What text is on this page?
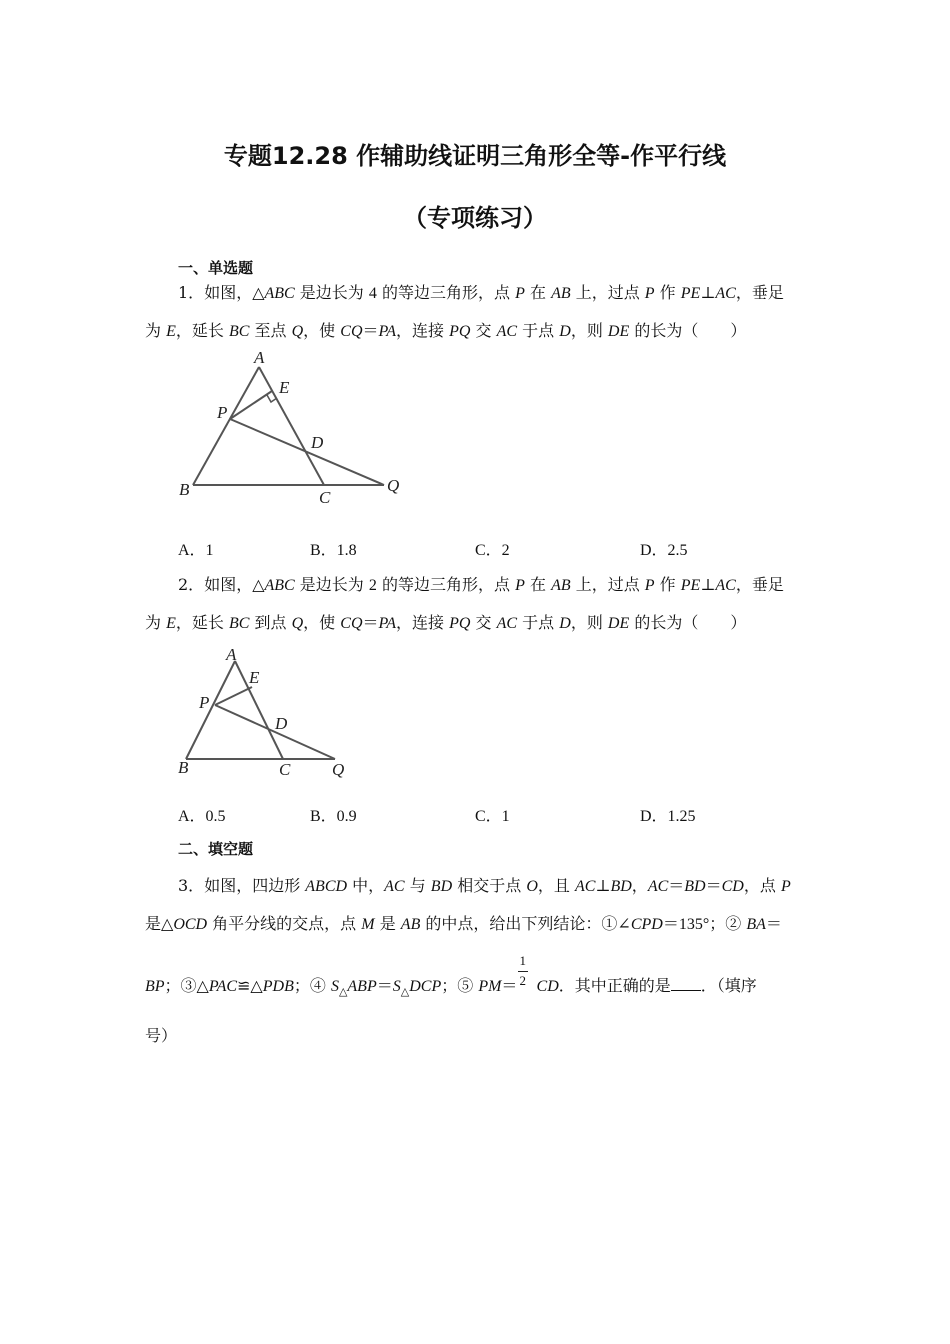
专题12.28 作辅助线证明三角形全等-作平行线
（专项练习）
一、单选题
1．如图，△ABC 是边长为 4 的等边三角形，点 P 在 AB 上，过点 P 作 PE⊥AC，垂足
为 E，延长 BC 至点 Q，使 CQ＝PA，连接 PQ 交 AC 于点 D，则 DE 的长为（　　）
A
E
P
D
B	C
Q
A．1	B．1.8	C．2	D．2.5
2．如图，△ABC 是边长为 2 的等边三角形，点 P 在 AB 上，过点 P 作 PE⊥AC，垂足
为 E，延长 BC 到点 Q，使 CQ＝PA，连接 PQ 交 AC 于点 D，则 DE 的长为（　　）
A
E
P
D
B	C Q
A．0.5	B．0.9	C．1	D．1.25
二、填空题
3．如图，四边形 ABCD 中，AC 与 BD 相交于点 O，且 AC⊥BD，AC＝BD＝CD，点 P
是△OCD 角平分线的交点，点 M 是 AB 的中点，给出下列结论：①∠CPD＝135°；② BA＝
BP；③△PAC≌△PDB；④ $S_\triangle ABP=S_\triangle DCP$；⑤ $PM= \frac{1}{2}$ CD．其中正确的是 ．（填序
号）
